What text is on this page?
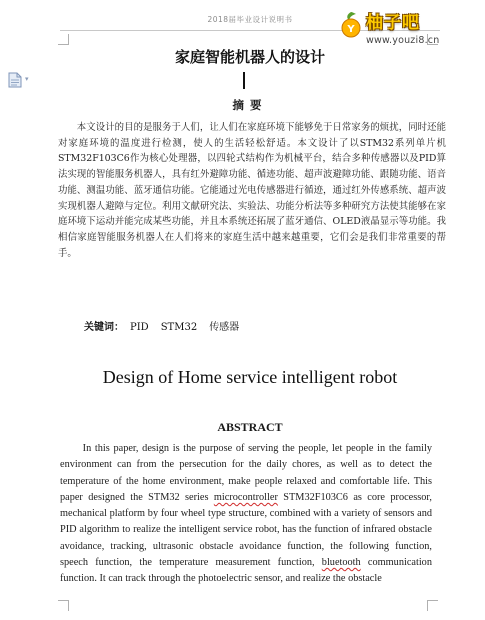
2018届毕业设计说明书
Y 柚子吧
www.youzi8.cn
▾
家庭智能机器人的设计
摘要

本文设计的目的是服务于人们，让人们在家庭环境下能够免于日常家务的烦扰，同时还能对家庭环境的温度进行检测，使人的生活轻松舒适。本文设计了以STM32系列单片机STM32F103C6作为核心处理器，以四轮式结构作为机械平台，结合多种传感器以及PID算法实现的智能服务机器人，具有红外避障功能、循迹功能、超声波避障功能、跟随功能、语音功能、测温功能、蓝牙通信功能。它能通过光电传感器进行循迹，通过红外传感系统、超声波实现机器人避障与定位。利用文献研究法、实验法、功能分析法等多种研究方法使其能够在家庭环境下运动并能完成某些功能，并且本系统还拓展了蓝牙通信、OLED液晶显示等功能。我相信家庭智能服务机器人在人们将来的家庭生活中越来越重要，它们会是我们非常重要的帮手。

关键词： PID STM32 传感器
Design of Home service intelligent robot
ABSTRACT

In this paper, design is the purpose of serving the people, let people in the family environment can from the persecution for the daily chores, as well as to detect the temperature of the home environment, make people relaxed and comfortable life. This paper designed the STM32 series microcontroller STM32F103C6 as core processor, mechanical platform by four wheel type structure, combined with a variety of sensors and PID algorithm to realize the intelligent service robot, has the function of infrared obstacle avoidance, tracking, ultrasonic obstacle avoidance function, the following function, speech function, the temperature measurement function, bluetooth communication function. It can track through the photoelectric sensor, and realize the obstacle
